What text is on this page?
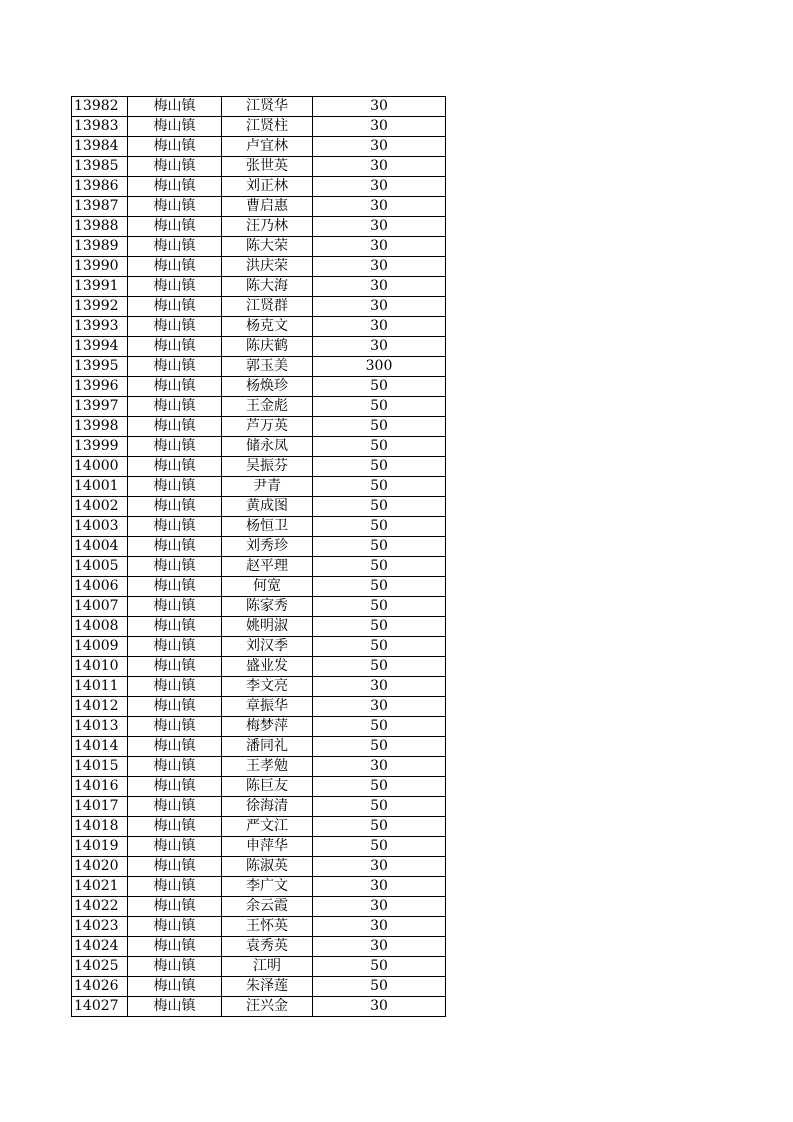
13982	梅山镇	江贤华	30
13983	梅山镇	江贤柱	30
13984	梅山镇	卢宜林	30
13985	梅山镇	张世英	30
13986	梅山镇	刘正林	30
13987	梅山镇	曹启惠	30
13988	梅山镇	汪乃林	30
13989	梅山镇	陈大荣	30
13990	梅山镇	洪庆荣	30
13991	梅山镇	陈大海	30
13992	梅山镇	江贤群	30
13993	梅山镇	杨克文	30
13994	梅山镇	陈庆鹤	30
13995	梅山镇	郭玉美	300
13996	梅山镇	杨焕珍	50
13997	梅山镇	王金彪	50
13998	梅山镇	芦万英	50
13999	梅山镇	储永凤	50
14000	梅山镇	吴振芬	50
14001	梅山镇	尹青	50
14002	梅山镇	黄成图	50
14003	梅山镇	杨恒卫	50
14004	梅山镇	刘秀珍	50
14005	梅山镇	赵平理	50
14006	梅山镇	何宽	50
14007	梅山镇	陈家秀	50
14008	梅山镇	姚明淑	50
14009	梅山镇	刘汉季	50
14010	梅山镇	盛业发	50
14011	梅山镇	李文亮	30
14012	梅山镇	章振华	30
14013	梅山镇	梅梦萍	50
14014	梅山镇	潘同礼	50
14015	梅山镇	王孝勉	30
14016	梅山镇	陈巨友	50
14017	梅山镇	徐海清	50
14018	梅山镇	严文江	50
14019	梅山镇	申萍华	50
14020	梅山镇	陈淑英	30
14021	梅山镇	李广文	30
14022	梅山镇	余云霞	30
14023	梅山镇	王怀英	30
14024	梅山镇	袁秀英	30
14025	梅山镇	江明	50
14026	梅山镇	朱泽莲	50
14027	梅山镇	汪兴金	30
